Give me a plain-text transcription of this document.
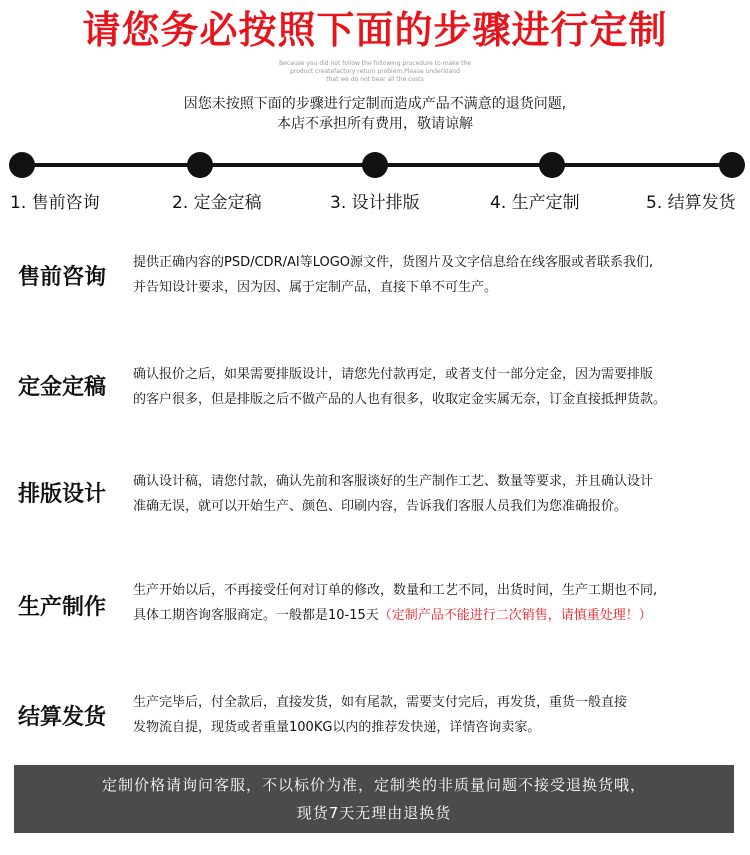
请您务必按照下面的步骤进行定制
Because you did not follow the following procedure to make the
product createfactory return problem,Please understand
that we do not bear all the costs
因您未按照下面的步骤进行定制而造成产品不满意的退货问题,
本店不承担所有费用，敬请谅解
1. 售前咨询	2. 定金定稿	3. 设计排版	4. 生产定制	5. 结算发货
售前咨询
提供正确内容的PSD/CDR/AI等LOGO源文件，货图片及文字信息给在线客服或者联系我们,
并告知设计要求，因为因、属于定制产品，直接下单不可生产。
定金定稿
确认报价之后，如果需要排版设计，请您先付款再定，或者支付一部分定金，因为需要排版
的客户很多，但是排版之后不做产品的人也有很多，收取定金实属无奈，订金直接抵押货款。
排版设计
确认设计稿，请您付款，确认先前和客服谈好的生产制作工艺、数量等要求，并且确认设计
准确无误，就可以开始生产、颜色、印刷内容，告诉我们客服人员我们为您准确报价。
生产制作
生产开始以后，不再接受任何对订单的修改，数量和工艺不同，出货时间，生产工期也不同,
具体工期咨询客服商定。一般都是10-15天（定制产品不能进行二次销售，请慎重处理！）
结算发货
生产完毕后，付全款后，直接发货，如有尾款，需要支付完后，再发货，重货一般直接
发物流自提，现货或者重量100KG以内的推荐发快递，详情咨询卖家。
定制价格请询问客服，不以标价为准，定制类的非质量问题不接受退换货哦，
现货7天无理由退换货
